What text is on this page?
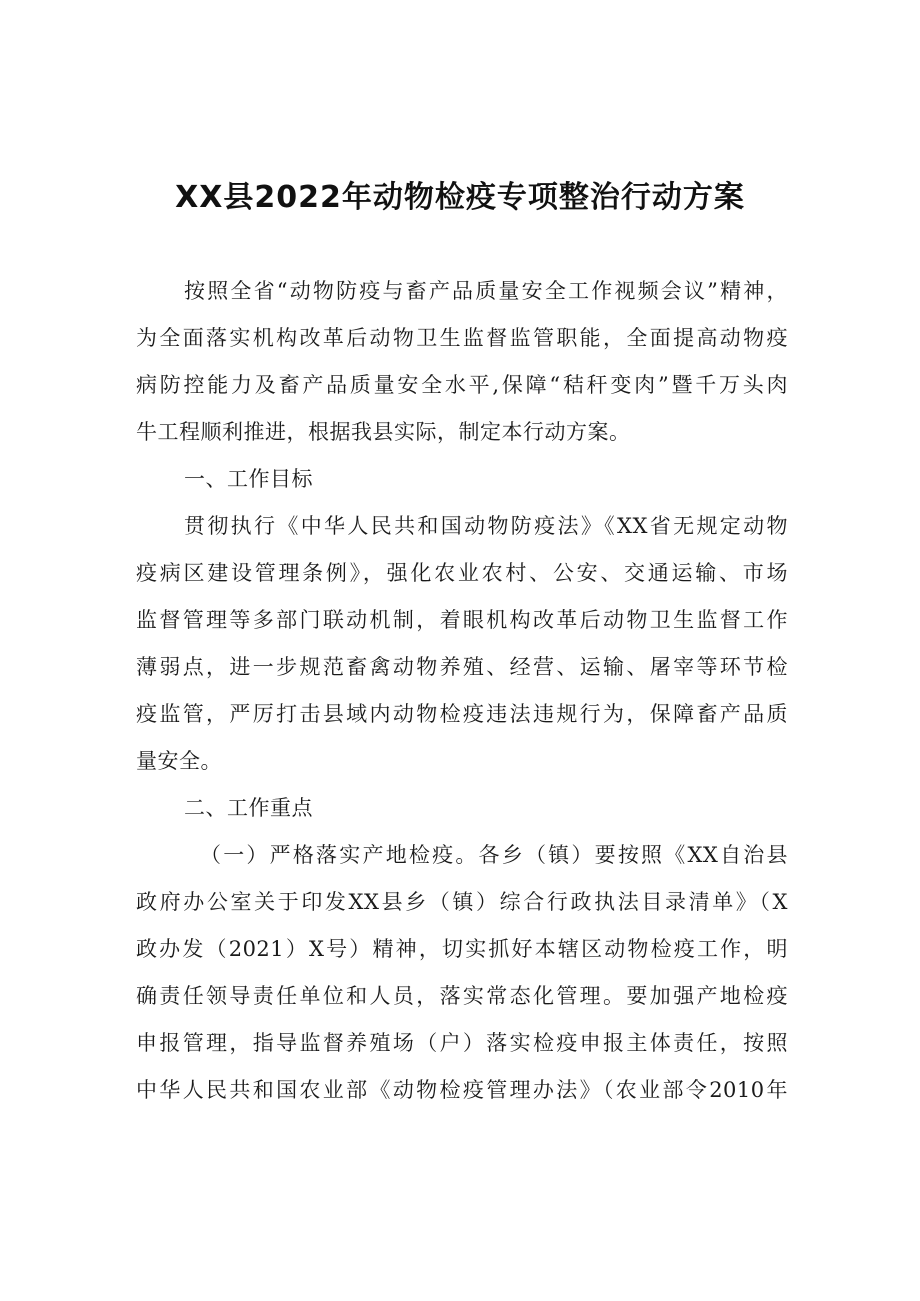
XX县2022年动物检疫专项整治行动方案

按照全省“动物防疫与畜产品质量安全工作视频会议”精神，

为全面落实机构改革后动物卫生监督监管职能，全面提高动物疫

病防控能力及畜产品质量安全水平,保障“秸秆变肉”暨千万头肉

牛工程顺利推进，根据我县实际，制定本行动方案。

一、工作目标

贯彻执行《中华人民共和国动物防疫法》《XX省无规定动物

疫病区建设管理条例》，强化农业农村、公安、交通运输、市场

监督管理等多部门联动机制，着眼机构改革后动物卫生监督工作

薄弱点，进一步规范畜禽动物养殖、经营、运输、屠宰等环节检

疫监管，严厉打击县域内动物检疫违法违规行为，保障畜产品质

量安全。

二、工作重点

（一）严格落实产地检疫。各乡（镇）要按照《XX自治县

政府办公室关于印发XX县乡（镇）综合行政执法目录清单》（X

政办发（2021）X号）精神，切实抓好本辖区动物检疫工作，明

确责任领导责任单位和人员，落实常态化管理。要加强产地检疫

申报管理，指导监督养殖场（户）落实检疫申报主体责任，按照

中华人民共和国农业部《动物检疫管理办法》（农业部令2010年
